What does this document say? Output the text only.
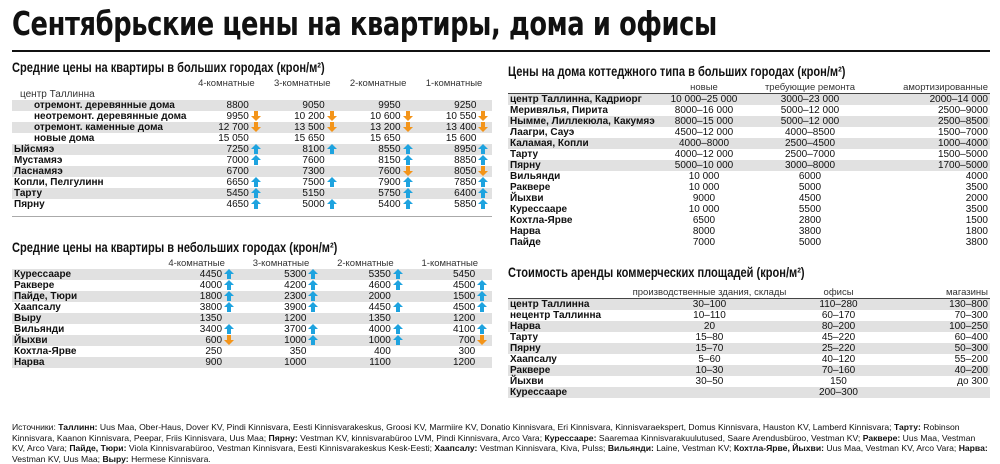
Сентябрьские цены на квартиры, дома и офисы
Средние цены на квартиры в больших городах (крон/м²)
	4-комнатные		3-комнатные		2-комнатные		1-комнатные	
центр Таллинна								
отремонт. деревянные дома	8800		9050		9950		9250	
неотремонт. деревянные дома	9950		10 200		10 600		10 550	

отремонт. каменные дома	12 700		13 500		13 200		13 400	

новые дома	15 050		15 650		15 650		15 600	
Ыйсмяэ	7250		8100		8550		8950	

Мустамяэ	7000		7600		8150		8850	

Ласнамяэ	6700		7300		7600		8050	

Копли, Пелгулинн	6650		7500		7900		7850	

Тарту	5450		5150		5750		6400	

Пярну	4650		5000		5400		5850	
Средние цены на квартиры в небольших городах (крон/м²)
	4-комнатные		3-комнатные		2-комнатные		1-комнатные	
Курессааре	4450		5300		5350		5450	
Раквере	4000		4200		4600		4500	

Пайде, Тюри	1800		2300		2000		1500	

Хаапсалу	3800		3900		4450		4500	

Выру	1350		1200		1350		1200	
Вильянди	3400		3700		4000		4100	

Йыхви	600		1000		1000		700	

Кохтла-Ярве	250		350		400		300	
Нарва	900		1000		1100		1200	
Цены на дома коттеджного типа в больших городах (крон/м²)
	новые	требующие ремонта	амортизированные
центр Таллинна, Кадриорг	10 000–25 000	3000–23 000	2000–14 000
Меривялья, Пирита	8000–16 000	5000–12 000	2500–9000
Нымме, Лиллекюла, Какумяэ	8000–15 000	5000–12 000	2500–8500
Лаагри, Сауэ	4500–12 000	4000–8500	1500–7000
Каламая, Копли	4000–8000	2500–4500	1000–4000
Тарту	4000–12 000	2500–7000	1500–5000
Пярну	5000–10 000	3000–8000	1700–5000
Вильянди	10 000	6000	4000
Раквере	10 000	5000	3500
Йыхви	9000	4500	2000
Курессааре	10 000	5500	3500
Кохтла-Ярве	6500	2800	1500
Нарва	8000	3800	1800
Пайде	7000	5000	3800
Стоимость аренды коммерческих площадей (крон/м²)
	производственные здания, склады	офисы	магазины
центр Таллинна	30–100	110–280	130–800
нецентр Таллинна	10–110	60–170	70–300
Нарва	20	80–200	100–250
Тарту	15–80	45–220	60–400
Пярну	15–70	25–220	50–300
Хаапсалу	5–60	40–120	55–200
Раквере	10–30	70–160	40–200
Йыхви	30–50	150	до 300
Курессааре		200–300	
Источники: Таллинн: Uus Maa, Ober-Haus, Dover KV, Pindi Kinnisvara, Eesti Kinnisvarakeskus, Groosi KV, Marmiire KV, Donatio Kinnisvara, Eri Kinnisvara, Kinnisvaraekspert, Domus Kinnisvara, Hauston KV, Lamberd Kinnisvara; Тарту: Robinson Kinnisvara, Kaanon Kinnisvara, Peepar, Friis Kinnisvara, Uus Maa; Пярну: Vestman KV, kinnisvarabüroo LVM, Pindi Kinnisvara, Arco Vara; Курессааре: Saaremaa Kinnisvarakuulutused, Saare Arendusbüroo, Vestman KV; Раквере: Uus Maa, Vestman KV, Arco Vara; Пайде, Тюри: Viola Kinnisvarabüroo, Vestman Kinnisvara, Eesti Kinnisvarakeskus Kesk-Eesti; Хаапсалу: Vestman Kinnisvara, Kiva, Pulss; Вильянди: Laine, Vestman KV; Кохтла-Ярве, Йыхви: Uus Maa, Vestman KV, Arco Vara; Нарва: Vestman KV, Uus Maa; Выру: Hermese Kinnisvara.
